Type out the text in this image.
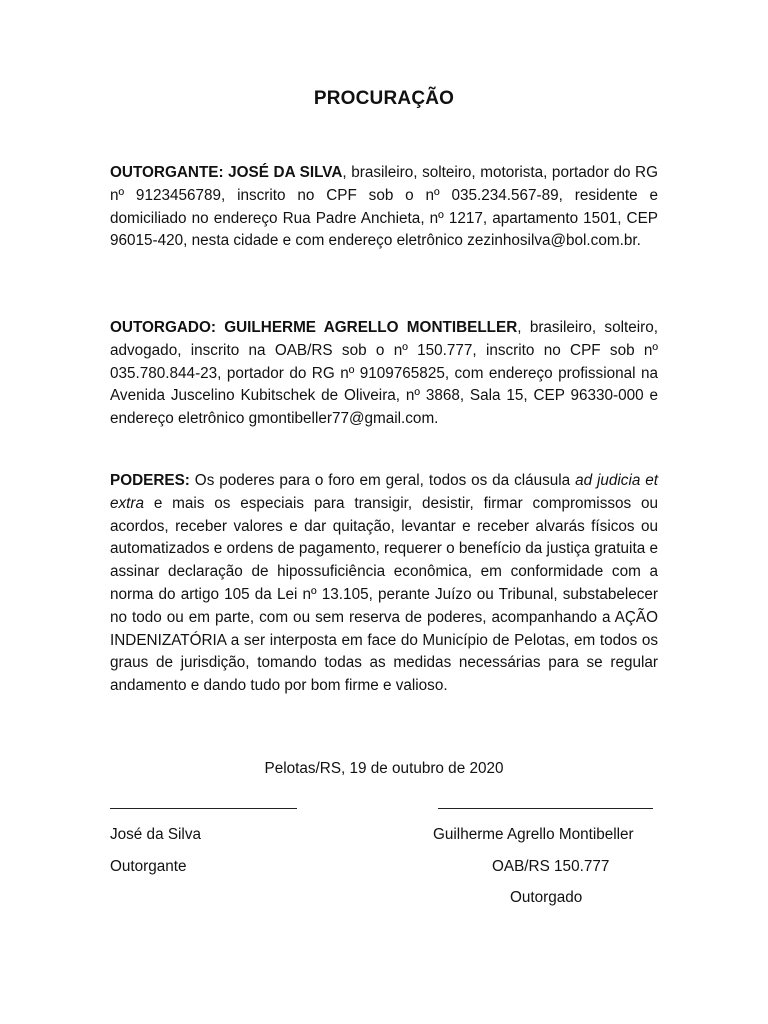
PROCURAÇÃO

OUTORGANTE: JOSÉ DA SILVA, brasileiro, solteiro, motorista, portador do RG nº 9123456789, inscrito no CPF sob o nº 035.234.567-89, residente e domiciliado no endereço Rua Padre Anchieta, nº 1217, apartamento 1501, CEP 96015-420, nesta cidade e com endereço eletrônico zezinhosilva@bol.com.br.

OUTORGADO: GUILHERME AGRELLO MONTIBELLER, brasileiro, solteiro, advogado, inscrito na OAB/RS sob o nº 150.777, inscrito no CPF sob nº 035.780.844-23, portador do RG nº 9109765825, com endereço profissional na Avenida Juscelino Kubitschek de Oliveira, nº 3868, Sala 15, CEP 96330-000 e endereço eletrônico gmontibeller77@gmail.com.

PODERES: Os poderes para o foro em geral, todos os da cláusula ad judicia et extra e mais os especiais para transigir, desistir, firmar compromissos ou acordos, receber valores e dar quitação, levantar e receber alvarás físicos ou automatizados e ordens de pagamento, requerer o benefício da justiça gratuita e assinar declaração de hipossuficiência econômica, em conformidade com a norma do artigo 105 da Lei nº 13.105, perante Juízo ou Tribunal, substabelecer no todo ou em parte, com ou sem reserva de poderes, acompanhando a AÇÃO INDENIZATÓRIA a ser interposta em face do Município de Pelotas, em todos os graus de jurisdição, tomando todas as medidas necessárias para se regular andamento e dando tudo por bom firme e valioso.

Pelotas/RS, 19 de outubro de 2020
José da Silva
Outorgante
Guilherme Agrello Montibeller
OAB/RS 150.777
Outorgado
